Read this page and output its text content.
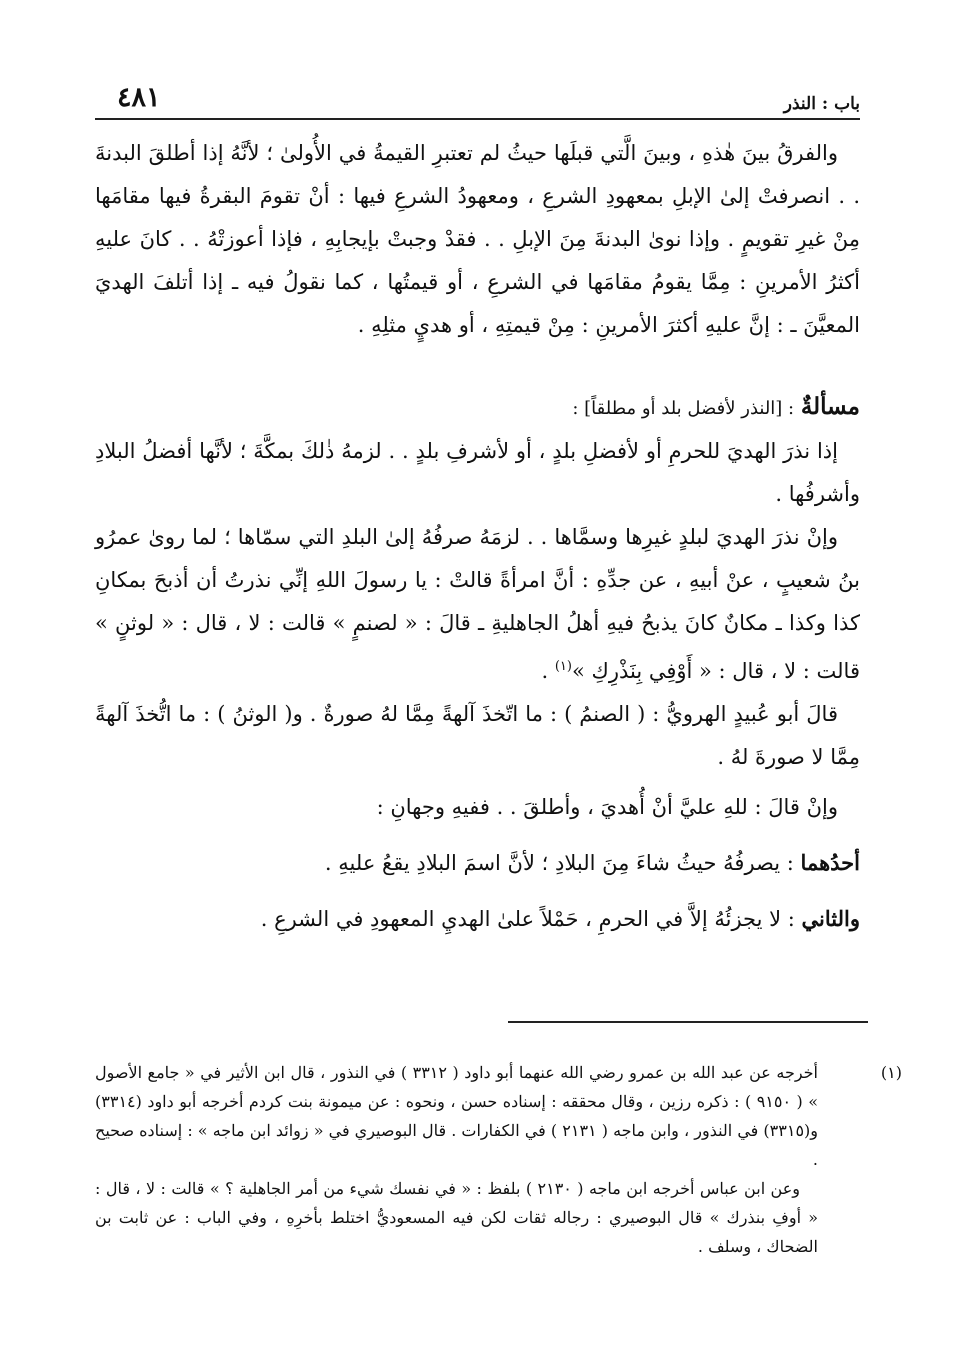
باب : النذر
٤٨١

والفرقُ بينَ هٰذهِ ، وبينَ الَّتي قبلَها حيثُ لم تعتبرِ القيمةُ في الأُولىٰ ؛ لأنَّهُ إذا أطلقَ البدنةَ . . انصرفتْ إلىٰ الإبلِ بمعهودِ الشرعِ ، ومعهودُ الشرعِ فيها : أنْ تقومَ البقرةُ فيها مقامَها مِنْ غيرِ تقويمٍ . وإذا نوىٰ البدنةَ مِنَ الإبلِ . . فقدْ وجبتْ بإيجابِهِ ، فإذا أعوزتْهُ . . كانَ عليهِ أكثرُ الأمرينِ : مِمَّا يقومُ مقامَها في الشرعِ ، أو قيمتُها ، كما نقولُ فيه ـ إذا أتلفَ الهديَ المعيَّنَ ـ : إنَّ عليهِ أكثرَ الأمرينِ : مِنْ قيمتِهِ ، أو هديٍ مثلِهِ .

مسألةٌ : [النذر لأفضل بلد أو مطلقاً] :

إذا نذرَ الهديَ للحرمِ أو لأفضلِ بلدٍ ، أو لأشرفِ بلدٍ . . لزمهُ ذٰلكَ بمكَّةَ ؛ لأنَّها أفضلُ البلادِ وأشرفُها .

وإنْ نذرَ الهديَ لبلدٍ غيرِها وسمَّاها . . لزمَهُ صرفُهُ إلىٰ البلدِ التي سمّاها ؛ لما روىٰ عمرُو بنُ شعيبٍ ، عنْ أبيهِ ، عن جدِّهِ : أنَّ امرأةً قالتْ : يا رسولَ اللهِ إنِّي نذرتُ أن أذبحَ بمكانِ كذا وكذا ـ مكانٌ كانَ يذبحُ فيهِ أهلُ الجاهليةِ ـ قالَ : « لصنمٍ » قالت : لا ، قال : « لوثنٍ » قالت : لا ، قال : « أَوْفِي بِنَذْرِكِ »$^{(١)}$ .

قالَ أبو عُبيدٍ الهرويُّ : ( الصنمُ ) : ما اتّخذَ آلهةً مِمَّا لهُ صورةٌ . و( الوثنُ ) : ما اتُّخذَ آلهةً مِمَّا لا صورةَ لهُ .

وإنْ قالَ : للهِ عليَّ أنْ أُهديَ ، وأطلقَ . . ففيهِ وجهانِ :

أحدُهما : يصرفُهُ حيثُ شاءَ مِنَ البلادِ ؛ لأنَّ اسمَ البلادِ يقعُ عليهِ .

والثاني : لا يجزئُهُ إلاَّ في الحرمِ ، حَمْلاً علىٰ الهديِ المعهودِ في الشرعِ .

(١)أخرجه عن عبد الله بن عمرو رضي الله عنهما أبو داود ( ٣٣١٢ ) في النذور ، قال ابن الأثير في « جامع الأصول » ( ٩١٥٠ ) : ذكره رزين ، وقال محققه : إسناده حسن ، ونحوه : عن ميمونة بنت كردم أخرجه أبو داود (٣٣١٤) و(٣٣١٥) في النذور ، وابن ماجه ( ٢١٣١ ) في الكفارات . قال البوصيري في « زوائد ابن ماجه » : إسناده صحيح .

وعن ابن عباس أخرجه ابن ماجه ( ٢١٣٠ ) بلفظ : « في نفسك شيء من أمر الجاهلية ؟ » قالت : لا ، قال : « أوفِ بنذرك » قال البوصيري : رجاله ثقات لكن فيه المسعوديُّ اختلط بأخرِهِ ، وفي الباب : عن ثابت بن الضحاك ، وسلف .
